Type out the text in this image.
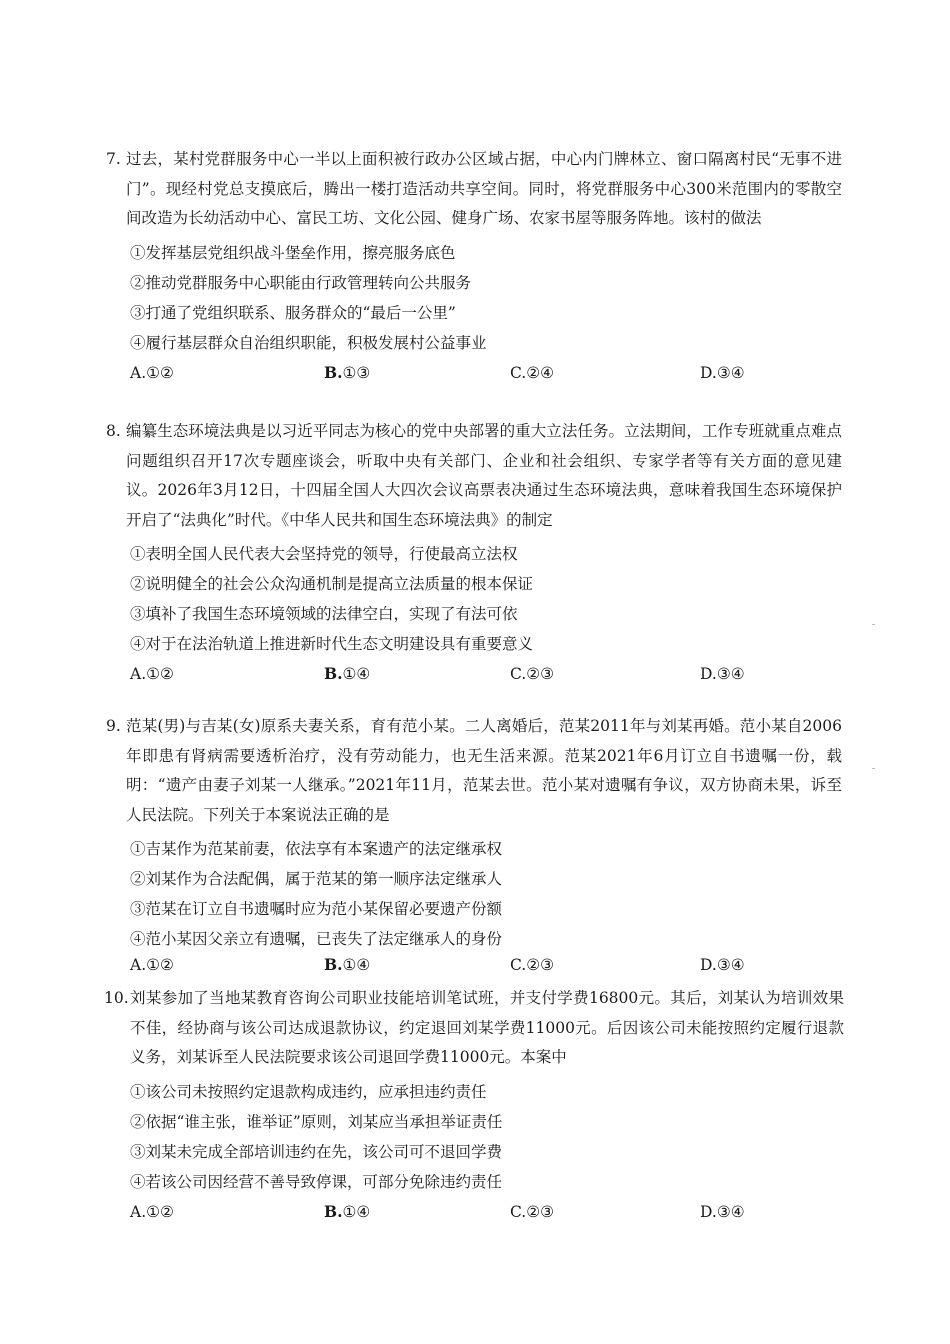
7. 过去，某村党群服务中心一半以上面积被行政办公区域占据，中心内门牌林立、窗口隔离村民“无事不进门”。现经村党总支摸底后，腾出一楼打造活动共享空间。同时，将党群服务中心300米范围内的零散空间改造为长幼活动中心、富民工坊、文化公园、健身广场、农家书屋等服务阵地。该村的做法

①发挥基层党组织战斗堡垒作用，擦亮服务底色

②推动党群服务中心职能由行政管理转向公共服务

③打通了党组织联系、服务群众的“最后一公里”

④履行基层群众自治组织职能，积极发展村公益事业

A.①②	B.①③	C.②④	D.③④
8. 编纂生态环境法典是以习近平同志为核心的党中央部署的重大立法任务。立法期间，工作专班就重点难点问题组织召开17次专题座谈会，听取中央有关部门、企业和社会组织、专家学者等有关方面的意见建议。2026年3月12日，十四届全国人大四次会议高票表决通过生态环境法典，意味着我国生态环境保护开启了“法典化”时代。《中华人民共和国生态环境法典》的制定

①表明全国人民代表大会坚持党的领导，行使最高立法权

②说明健全的社会公众沟通机制是提高立法质量的根本保证

③填补了我国生态环境领域的法律空白，实现了有法可依

④对于在法治轨道上推进新时代生态文明建设具有重要意义

A.①②	B.①④	C.②③	D.③④
9. 范某(男)与吉某(女)原系夫妻关系，育有范小某。二人离婚后，范某2011年与刘某再婚。范小某自2006年即患有肾病需要透析治疗，没有劳动能力，也无生活来源。范某2021年6月订立自书遗嘱一份，载明：“遗产由妻子刘某一人继承。”2021年11月，范某去世。范小某对遗嘱有争议，双方协商未果，诉至人民法院。下列关于本案说法正确的是

①吉某作为范某前妻，依法享有本案遗产的法定继承权

②刘某作为合法配偶，属于范某的第一顺序法定继承人

③范某在订立自书遗嘱时应为范小某保留必要遗产份额

④范小某因父亲立有遗嘱，已丧失了法定继承人的身份

A.①②	B.①④	C.②③	D.③④
10. 刘某参加了当地某教育咨询公司职业技能培训笔试班，并支付学费16800元。其后，刘某认为培训效果不佳，经协商与该公司达成退款协议，约定退回刘某学费11000元。后因该公司未能按照约定履行退款义务，刘某诉至人民法院要求该公司退回学费11000元。本案中

①该公司未按照约定退款构成违约，应承担违约责任

②依据“谁主张，谁举证”原则，刘某应当承担举证责任

③刘某未完成全部培训违约在先，该公司可不退回学费

④若该公司因经营不善导致停课，可部分免除违约责任

A.①②	B.①④	C.②③	D.③④
